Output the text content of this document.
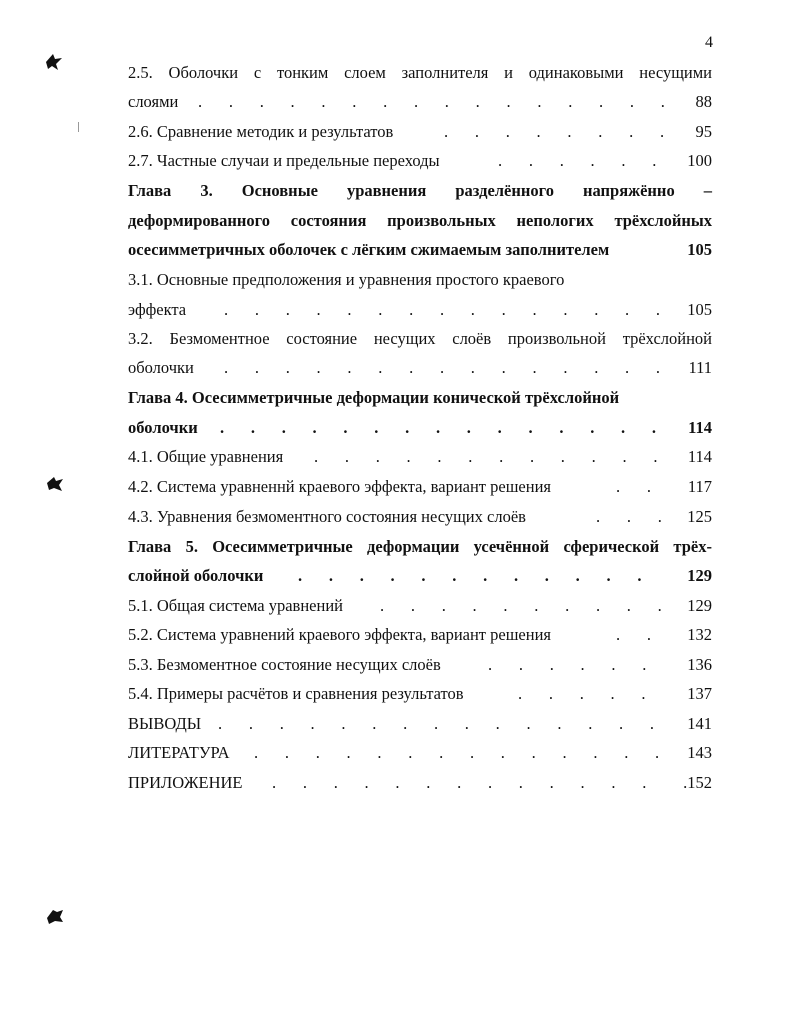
4
2.5. Оболочки с тонким слоем заполнителя и одинаковыми несущими
слоями . . . . . . . . . . . . . . . . 88
2.6. Сравнение методик и результатов	. . . . . . . . 95
2.7. Частные случаи и предельные переходы	. . . . . . 100
Глава 3. Основные уравнения разделённого напряжённо –
деформированного состояния произвольных непологих трёхслойных
осесимметричных оболочек с лёгким сжимаемым заполнителем	105
3.1. Основные предположения и уравнения простого краевого
эффекта . . . . . . . . . . . . . . . 105
3.2. Безмоментное состояние несущих слоёв произвольной трёхслойной
оболочки . . . . . . . . . . . . . . . 111
Глава 4. Осесимметричные деформации конической трёхслойной
оболочки . . . . . . . . . . . . . . . 114
4.1. Общие уравнения . . . . . . . . . . . . 114
4.2. Система уравненнй краевого эффекта, вариант решения	. . 117
4.3. Уравнения безмоментного состояния несущих слоёв	. . . 125
Глава 5. Осесимметричные деформации усечённой сферической трёх-
слойной оболочки . . . . . . . . . . . . 129
5.1. Общая система уравнений . . . . . . . . . . 129
5.2. Система уравнений краевого эффекта, вариант решения	. . 132
5.3. Безмоментное состояние несущих слоёв	. . . . . . 136
5.4. Примеры расчётов и сравнения результатов	. . . . . 137
ВЫВОДЫ . . . . . . . . . . . . . . . 141
ЛИТЕРАТУРА . . . . . . . . . . . . . . 143
ПРИЛОЖЕНИЕ . . . . . . . . . . . . . .152
